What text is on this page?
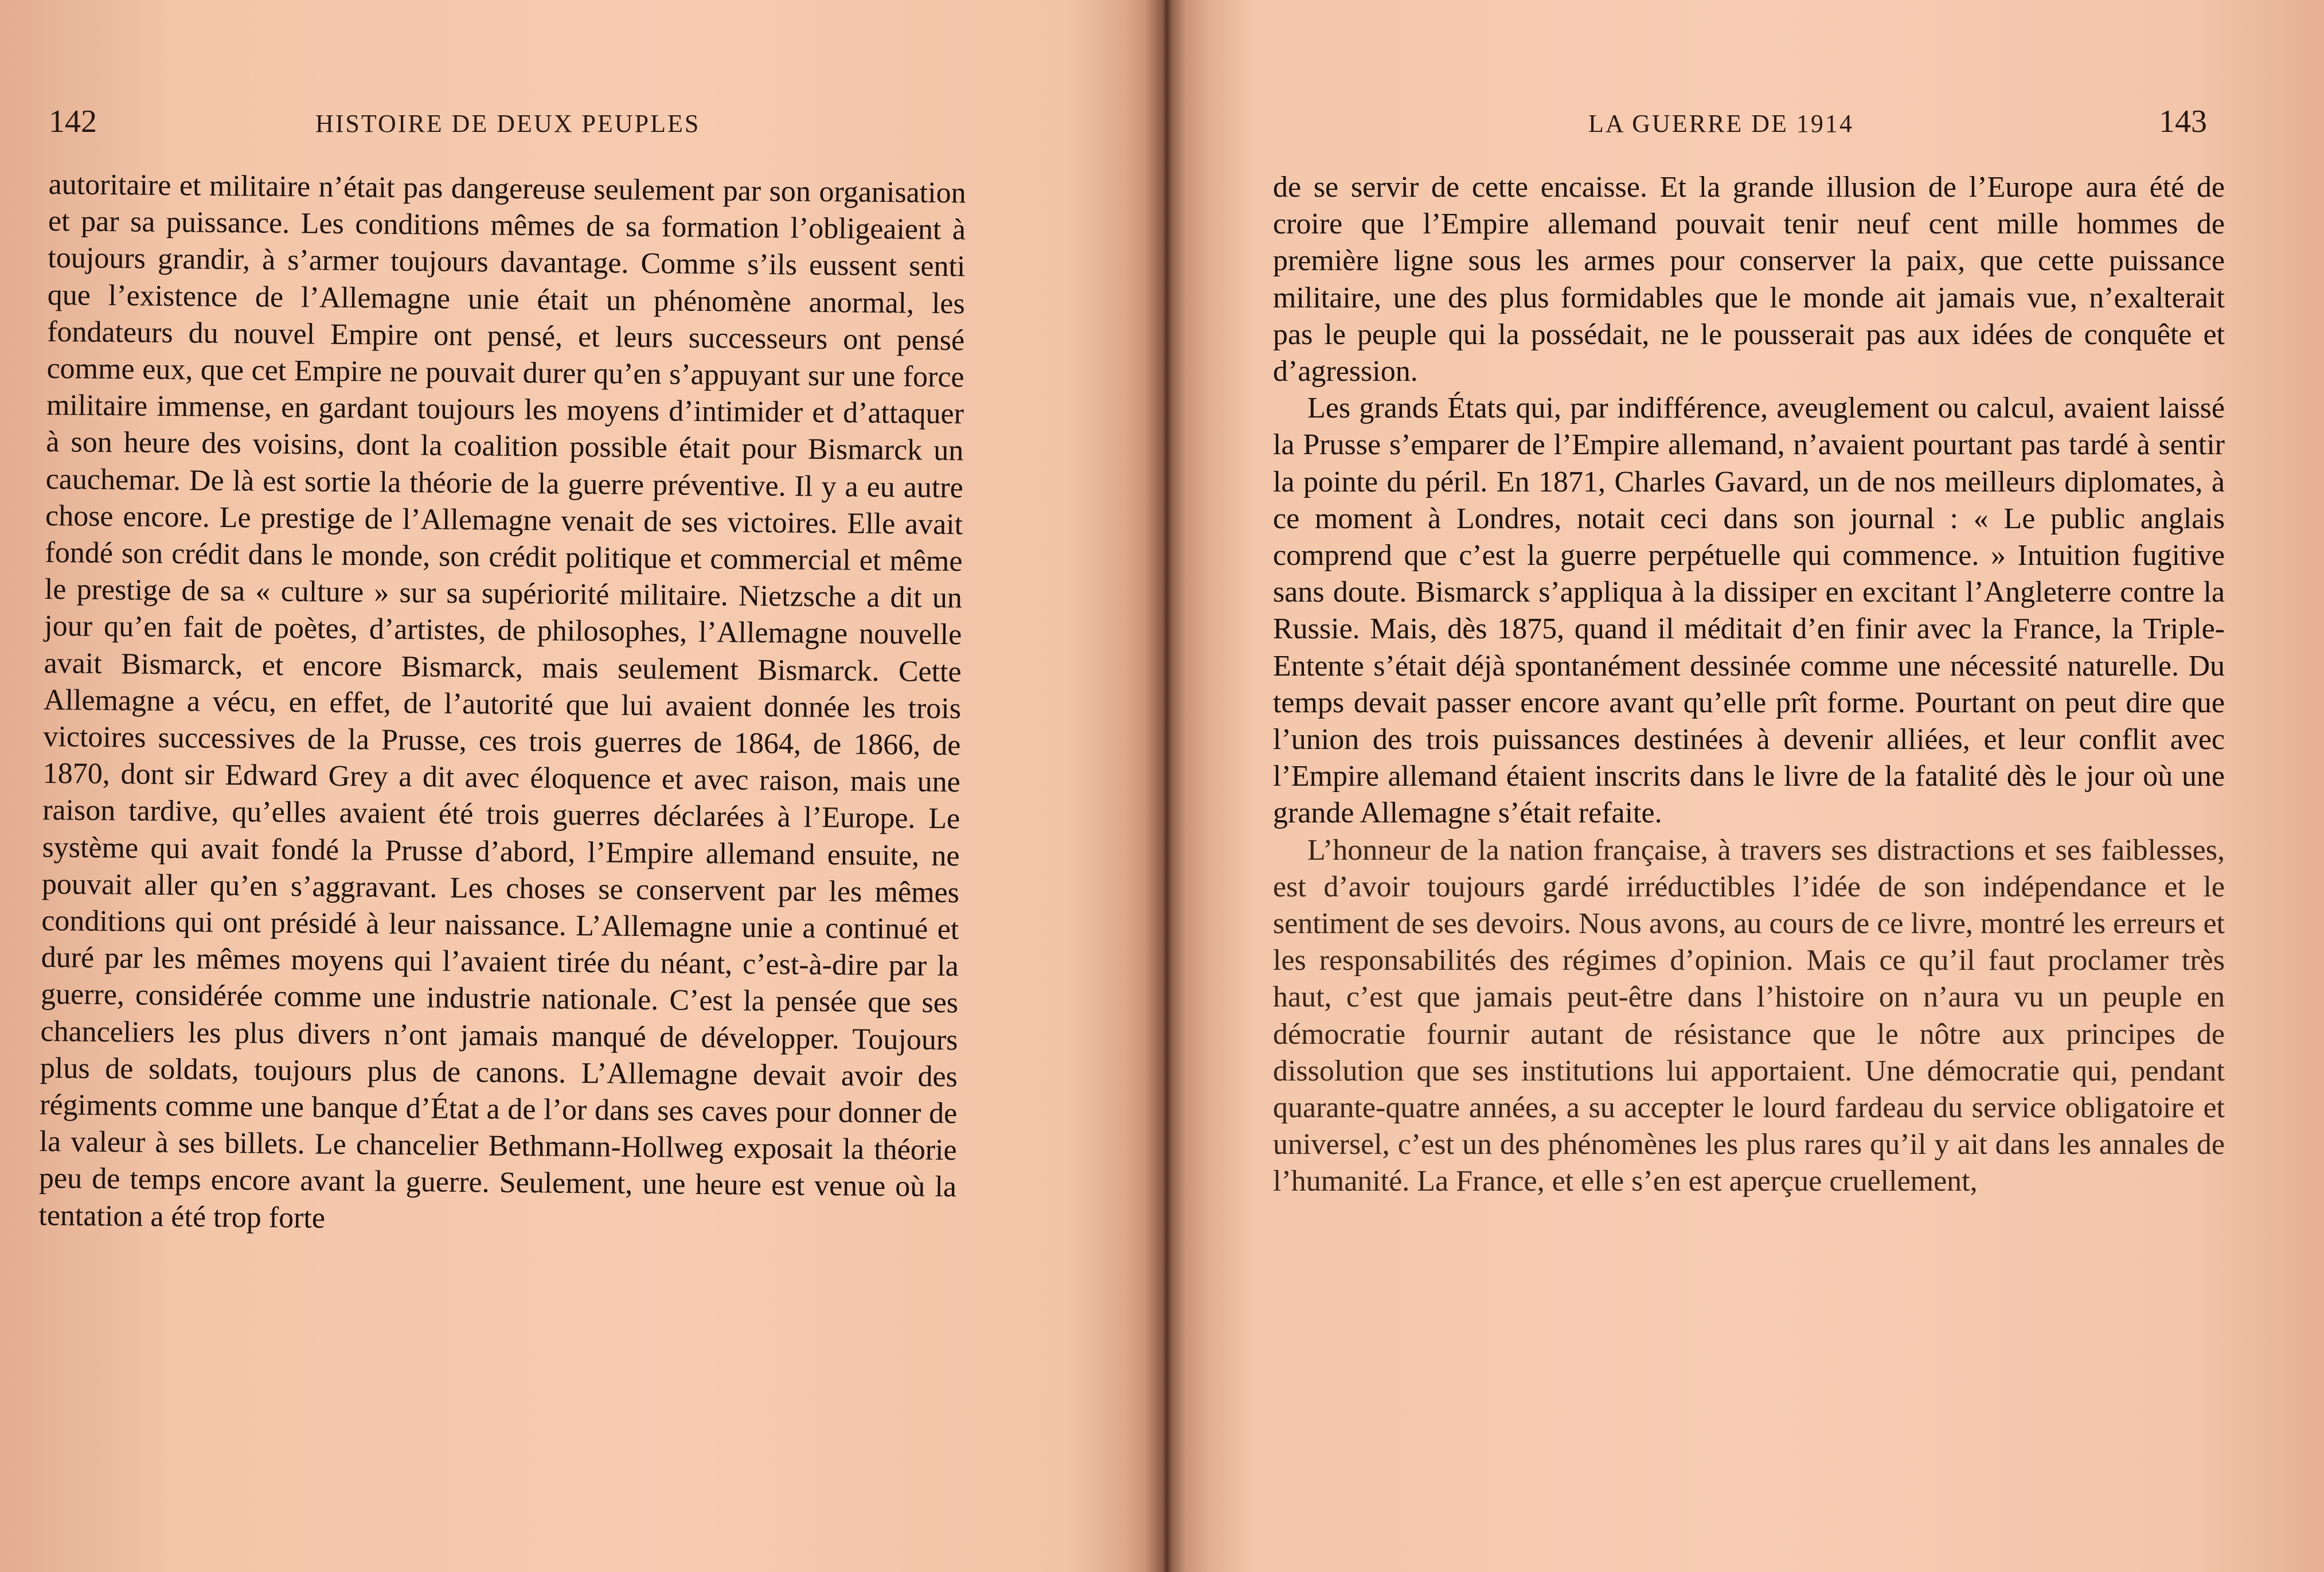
142	HISTOIRE DE DEUX PEUPLES

autoritaire et militaire n’était pas dangereuse seulement par son organisation et par sa puissance. Les conditions mêmes de sa formation l’obligeaient à toujours grandir, à s’armer toujours davantage. Comme s’ils eussent senti que l’existence de l’Allemagne unie était un phénomène anormal, les fondateurs du nouvel Empire ont pensé, et leurs successeurs ont pensé comme eux, que cet Empire ne pouvait durer qu’en s’appuyant sur une force militaire immense, en gardant toujours les moyens d’intimider et d’attaquer à son heure des voisins, dont la coalition possible était pour Bismarck un cauchemar. De là est sortie la théorie de la guerre préventive. Il y a eu autre chose encore. Le prestige de l’Allemagne venait de ses victoires. Elle avait fondé son crédit dans le monde, son crédit politique et commercial et même le prestige de sa « culture » sur sa supériorité militaire. Nietzsche a dit un jour qu’en fait de poètes, d’artistes, de philosophes, l’Allemagne nouvelle avait Bismarck, et encore Bismarck, mais seulement Bismarck. Cette Allemagne a vécu, en effet, de l’autorité que lui avaient donnée les trois victoires successives de la Prusse, ces trois guerres de 1864, de 1866, de 1870, dont sir Edward Grey a dit avec éloquence et avec raison, mais une raison tardive, qu’elles avaient été trois guerres déclarées à l’Europe. Le système qui avait fondé la Prusse d’abord, l’Empire allemand ensuite, ne pouvait aller qu’en s’aggravant. Les choses se conservent par les mêmes conditions qui ont présidé à leur naissance. L’Allemagne unie a continué et duré par les mêmes moyens qui l’avaient tirée du néant, c’est-à-dire par la guerre, considérée comme une industrie nationale. C’est la pensée que ses chanceliers les plus divers n’ont jamais manqué de développer. Toujours plus de soldats, toujours plus de canons. L’Allemagne devait avoir des régiments comme une banque d’État a de l’or dans ses caves pour donner de la valeur à ses billets. Le chancelier Bethmann-Hollweg exposait la théorie peu de temps encore avant la guerre. Seulement, une heure est venue où la tentation a été trop forte

LA GUERRE DE 1914	143

de se servir de cette encaisse. Et la grande illusion de l’Europe aura été de croire que l’Empire allemand pouvait tenir neuf cent mille hommes de première ligne sous les armes pour conserver la paix, que cette puissance militaire, une des plus formidables que le monde ait jamais vue, n’exalterait pas le peuple qui la possédait, ne le pousserait pas aux idées de conquête et d’agression.

Les grands États qui, par indifférence, aveuglement ou calcul, avaient laissé la Prusse s’emparer de l’Empire allemand, n’avaient pourtant pas tardé à sentir la pointe du péril. En 1871, Charles Gavard, un de nos meilleurs diplomates, à ce moment à Londres, notait ceci dans son journal : « Le public anglais comprend que c’est la guerre perpétuelle qui commence. » Intuition fugitive sans doute. Bismarck s’appliqua à la dissiper en excitant l’Angleterre contre la Russie. Mais, dès 1875, quand il méditait d’en finir avec la France, la Triple-Entente s’était déjà spontanément dessinée comme une nécessité naturelle. Du temps devait passer encore avant qu’elle prît forme. Pourtant on peut dire que l’union des trois puissances destinées à devenir alliées, et leur conflit avec l’Empire allemand étaient inscrits dans le livre de la fatalité dès le jour où une grande Allemagne s’était refaite.

L’honneur de la nation française, à travers ses distractions et ses faiblesses, est d’avoir toujours gardé irréductibles l’idée de son indépendance et le sentiment de ses devoirs. Nous avons, au cours de ce livre, montré les erreurs et les responsabilités des régimes d’opinion. Mais ce qu’il faut proclamer très haut, c’est que jamais peut-être dans l’histoire on n’aura vu un peuple en démocratie fournir autant de résistance que le nôtre aux principes de dissolution que ses institutions lui apportaient. Une démocratie qui, pendant quarante-quatre années, a su accepter le lourd fardeau du service obligatoire et universel, c’est un des phénomènes les plus rares qu’il y ait dans les annales de l’humanité. La France, et elle s’en est aperçue cruellement,
